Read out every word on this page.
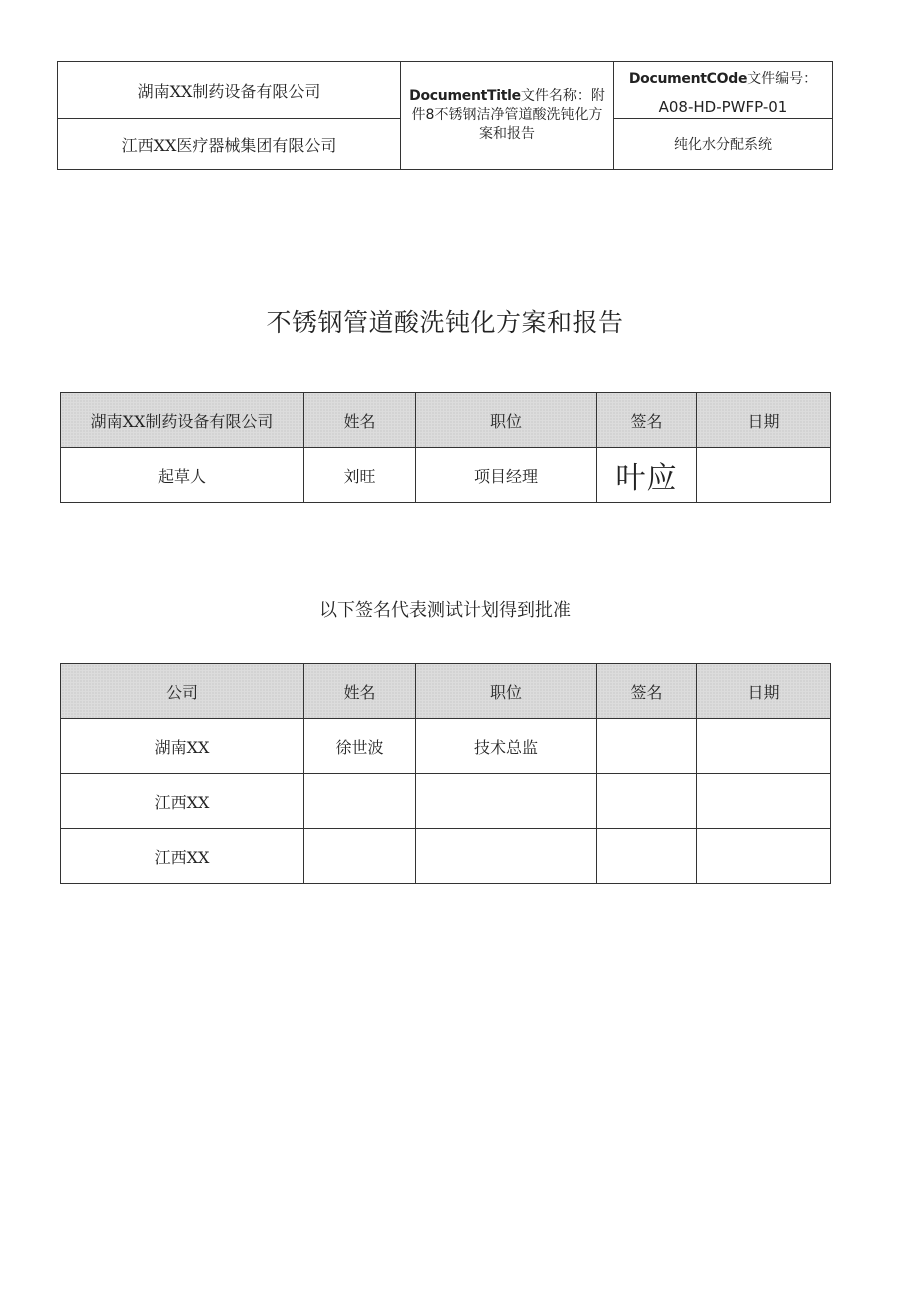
湖南XX制药设备有限公司	DocumentTitle文件名称：附件8不锈钢洁净管道酸洗钝化方案和报告	DocumentCOde文件编号：
A08-HD-PWFP-01

江西XX医疗器械集团有限公司		纯化水分配系统
不锈钢管道酸洗钝化方案和报告
湖南XX制药设备有限公司	姓名	职位	签名	日期
起草人	刘旺	项目经理	叶应	
以下签名代表测试计划得到批准
公司	姓名	职位	签名	日期
湖南XX	徐世波	技术总监		
江西XX				
江西XX				
